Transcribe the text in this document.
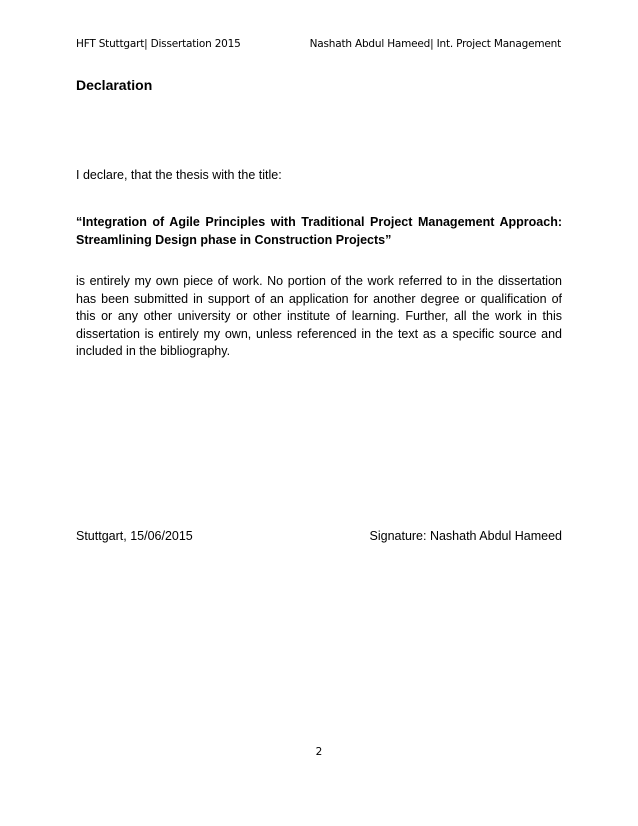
HFT Stuttgart| Dissertation 2015	Nashath Abdul Hameed| Int. Project Management
Declaration
I declare, that the thesis with the title:
“Integration of Agile Principles with Traditional Project Management Approach: Streamlining Design phase in Construction Projects”
is entirely my own piece of work. No portion of the work referred to in the dissertation has been submitted in support of an application for another degree or qualification of this or any other university or other institute of learning. Further, all the work in this dissertation is entirely my own, unless referenced in the text as a specific source and included in the bibliography.
Stuttgart, 15/06/2015	Signature: Nashath Abdul Hameed
2
